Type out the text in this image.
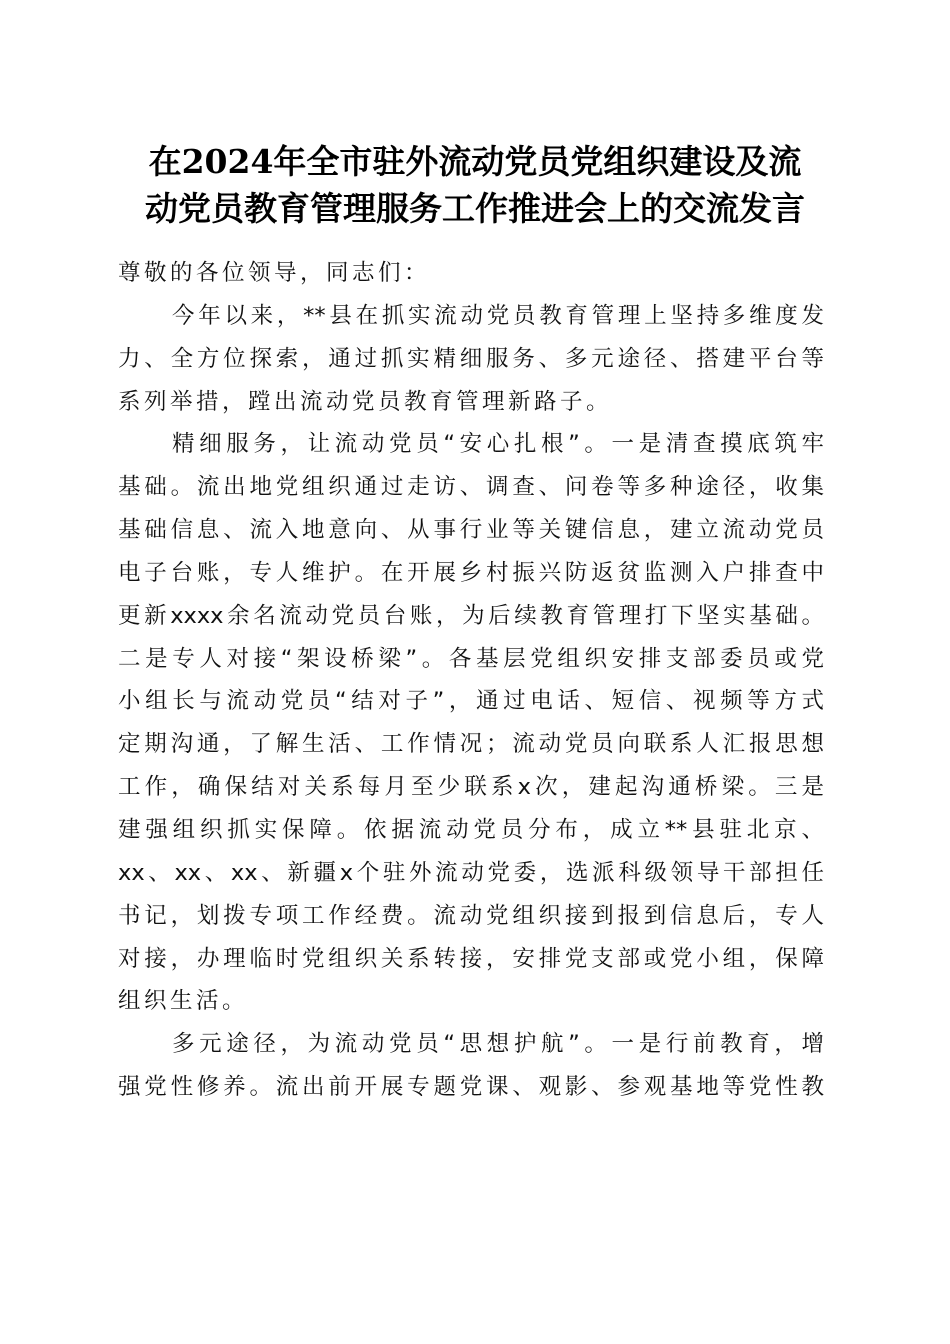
在2024年全市驻外流动党员党组织建设及流
动党员教育管理服务工作推进会上的交流发言
尊敬的各位领导，同志们：
今年以来，**县在抓实流动党员教育管理上坚持多维度发
力、全方位探索，通过抓实精细服务、多元途径、搭建平台等
系列举措，蹚出流动党员教育管理新路子。
精细服务，让流动党员“安心扎根”。一是清查摸底筑牢
基础。流出地党组织通过走访、调查、问卷等多种途径，收集
基础信息、流入地意向、从事行业等关键信息，建立流动党员
电子台账，专人维护。在开展乡村振兴防返贫监测入户排查中
更新xxxx余名流动党员台账，为后续教育管理打下坚实基础。
二是专人对接“架设桥梁”。各基层党组织安排支部委员或党
小组长与流动党员“结对子”，通过电话、短信、视频等方式
定期沟通，了解生活、工作情况；流动党员向联系人汇报思想
工作，确保结对关系每月至少联系x次，建起沟通桥梁。三是
建强组织抓实保障。依据流动党员分布，成立**县驻北京、
xx、xx、xx、新疆x个驻外流动党委，选派科级领导干部担任
书记，划拨专项工作经费。流动党组织接到报到信息后，专人
对接，办理临时党组织关系转接，安排党支部或党小组，保障
组织生活。
多元途径，为流动党员“思想护航”。一是行前教育，增
强党性修养。流出前开展专题党课、观影、参观基地等党性教
